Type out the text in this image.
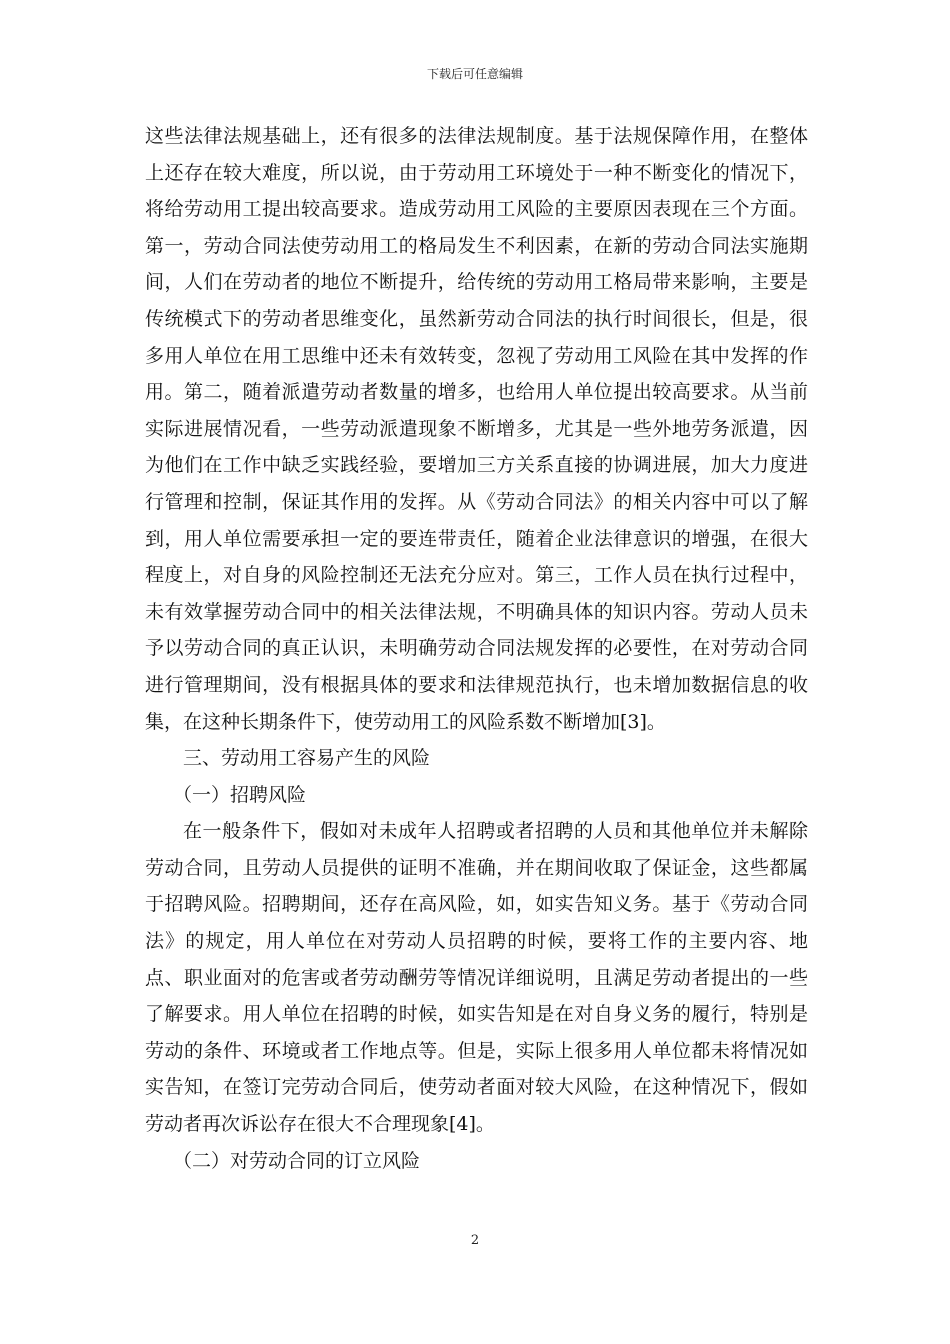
下载后可任意编辑

这些法律法规基础上，还有很多的法律法规制度。基于法规保障作用，在整体上还存在较大难度，所以说，由于劳动用工环境处于一种不断变化的情况下，将给劳动用工提出较高要求。造成劳动用工风险的主要原因表现在三个方面。第一，劳动合同法使劳动用工的格局发生不利因素，在新的劳动合同法实施期间，人们在劳动者的地位不断提升，给传统的劳动用工格局带来影响，主要是传统模式下的劳动者思维变化，虽然新劳动合同法的执行时间很长，但是，很多用人单位在用工思维中还未有效转变，忽视了劳动用工风险在其中发挥的作用。第二，随着派遣劳动者数量的增多，也给用人单位提出较高要求。从当前实际进展情况看，一些劳动派遣现象不断增多，尤其是一些外地劳务派遣，因为他们在工作中缺乏实践经验，要增加三方关系直接的协调进展，加大力度进行管理和控制，保证其作用的发挥。从《劳动合同法》的相关内容中可以了解到，用人单位需要承担一定的要连带责任，随着企业法律意识的增强，在很大程度上，对自身的风险控制还无法充分应对。第三，工作人员在执行过程中，未有效掌握劳动合同中的相关法律法规，不明确具体的知识内容。劳动人员未予以劳动合同的真正认识，未明确劳动合同法规发挥的必要性，在对劳动合同进行管理期间，没有根据具体的要求和法律规范执行，也未增加数据信息的收集，在这种长期条件下，使劳动用工的风险系数不断增加[3]。

三、劳动用工容易产生的风险

（一）招聘风险

在一般条件下，假如对未成年人招聘或者招聘的人员和其他单位并未解除劳动合同，且劳动人员提供的证明不准确，并在期间收取了保证金，这些都属于招聘风险。招聘期间，还存在高风险，如，如实告知义务。基于《劳动合同法》的规定，用人单位在对劳动人员招聘的时候，要将工作的主要内容、地点、职业面对的危害或者劳动酬劳等情况详细说明，且满足劳动者提出的一些了解要求。用人单位在招聘的时候，如实告知是在对自身义务的履行，特别是劳动的条件、环境或者工作地点等。但是，实际上很多用人单位都未将情况如实告知，在签订完劳动合同后，使劳动者面对较大风险，在这种情况下，假如劳动者再次诉讼存在很大不合理现象[4]。

（二）对劳动合同的订立风险

2
